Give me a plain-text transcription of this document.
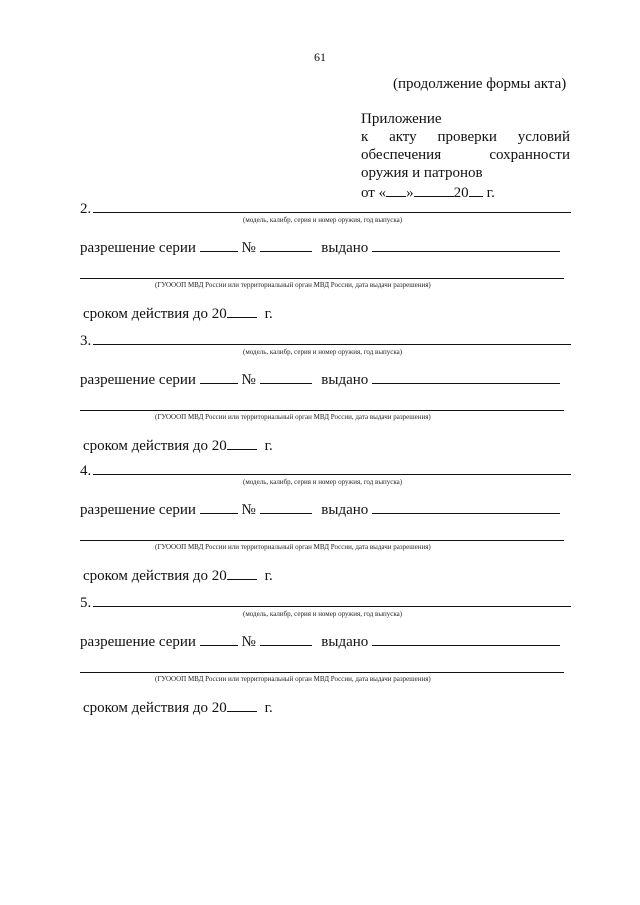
61
(продолжение формы акта)
Приложение
к акту проверки условий
обеспечения	сохранности
оружия и патронов
от « »	20 г.
2.
(модель, калибр, серия и номер оружия, год выпуска)
разрешение серии	№	выдано
(ГУОООП МВД России или территориальный орган МВД России, дата выдачи разрешения)
сроком действия до 20	г.
3.
(модель, калибр, серия и номер оружия, год выпуска)
разрешение серии	№	выдано
(ГУОООП МВД России или территориальный орган МВД России, дата выдачи разрешения)
сроком действия до 20	г.
4.
(модель, калибр, серия и номер оружия, год выпуска)
разрешение серии	№	выдано
(ГУОООП МВД России или территориальный орган МВД России, дата выдачи разрешения)
сроком действия до 20	г.
5.
(модель, калибр, серия и номер оружия, год выпуска)
разрешение серии	№	выдано
(ГУОООП МВД России или территориальный орган МВД России, дата выдачи разрешения)
сроком действия до 20	г.
